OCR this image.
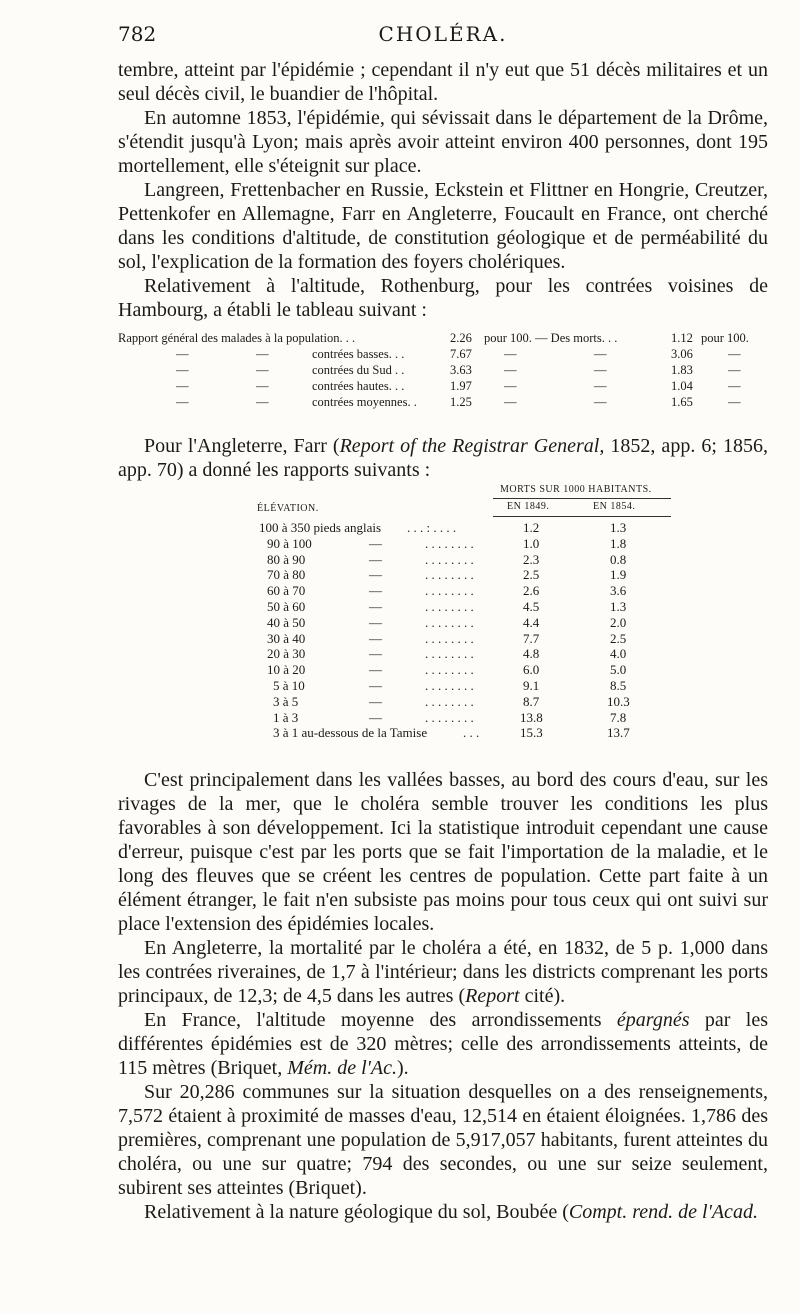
782	CHOLÉRA.

tembre, atteint par l'épidémie ; cependant il n'y eut que 51 décès militaires et un seul décès civil, le buandier de l'hôpital.

En automne 1853, l'épidémie, qui sévissait dans le département de la Drôme, s'étendit jusqu'à Lyon; mais après avoir atteint environ 400 personnes, dont 195 mortellement, elle s'éteignit sur place.

Langreen, Frettenbacher en Russie, Eckstein et Flittner en Hongrie, Creutzer, Pettenkofer en Allemagne, Farr en Angleterre, Foucault en France, ont cherché dans les conditions d'altitude, de constitution géologique et de perméabilité du sol, l'explication de la formation des foyers cholériques.

Relativement à l'altitude, Rothenburg, pour les contrées voisines de Hambourg, a établi le tableau suivant :

Rapport général des malades à la population. . .	2.26 pour 100. — Des morts. . .	1.12 pour 100.
—	—	contrées basses. . .	7.67	—	—	3.06	—
—	—	contrées du Sud . .	3.63	—	—	1.83	—
—	—	contrées hautes. . .	1.97	—	—	1.04	—
—	—	contrées moyennes. .	1.25	—	—	1.65	—

Pour l'Angleterre, Farr (Report of the Registrar General, 1852, app. 6; 1856, app. 70) a donné les rapports suivants :

MORTS SUR 1000 HABITANTS.
ÉLÉVATION.	EN 1849.	EN 1854.
100 à 350 pieds anglais . . . : . . . .	1.2	1.3
90 à 100	—	. . . . . . . .	1.0	1.8
80 à 90	—	. . . . . . . .	2.3	0.8
70 à 80	—	. . . . . . . .	2.5	1.9
60 à 70	—	. . . . . . . .	2.6	3.6
50 à 60	—	. . . . . . . .	4.5	1.3
40 à 50	—	. . . . . . . .	4.4	2.0
30 à 40	—	. . . . . . . .	7.7	2.5
20 à 30	—	. . . . . . . .	4.8	4.0
10 à 20	—	. . . . . . . .	6.0	5.0
5 à 10	—	. . . . . . . .	9.1	8.5
3 à 5	—	. . . . . . . .	8.7	10.3
1 à 3	—	. . . . . . . .	13.8	7.8
3 à 1 au-dessous de la Tamise	. . .	15.3	13.7

C'est principalement dans les vallées basses, au bord des cours d'eau, sur les rivages de la mer, que le choléra semble trouver les conditions les plus favorables à son développement. Ici la statistique introduit cependant une cause d'erreur, puisque c'est par les ports que se fait l'importation de la maladie, et le long des fleuves que se créent les centres de population. Cette part faite à un élément étranger, le fait n'en subsiste pas moins pour tous ceux qui ont suivi sur place l'extension des épidémies locales.

En Angleterre, la mortalité par le choléra a été, en 1832, de 5 p. 1,000 dans les contrées riveraines, de 1,7 à l'intérieur; dans les districts comprenant les ports principaux, de 12,3; de 4,5 dans les autres (Report cité).

En France, l'altitude moyenne des arrondissements épargnés par les différentes épidémies est de 320 mètres; celle des arrondissements atteints, de 115 mètres (Briquet, Mém. de l'Ac.).

Sur 20,286 communes sur la situation desquelles on a des renseignements, 7,572 étaient à proximité de masses d'eau, 12,514 en étaient éloignées. 1,786 des premières, comprenant une population de 5,917,057 habitants, furent atteintes du choléra, ou une sur quatre; 794 des secondes, ou une sur seize seulement, subirent ses atteintes (Briquet).

Relativement à la nature géologique du sol, Boubée (Compt. rend. de l'Acad.
